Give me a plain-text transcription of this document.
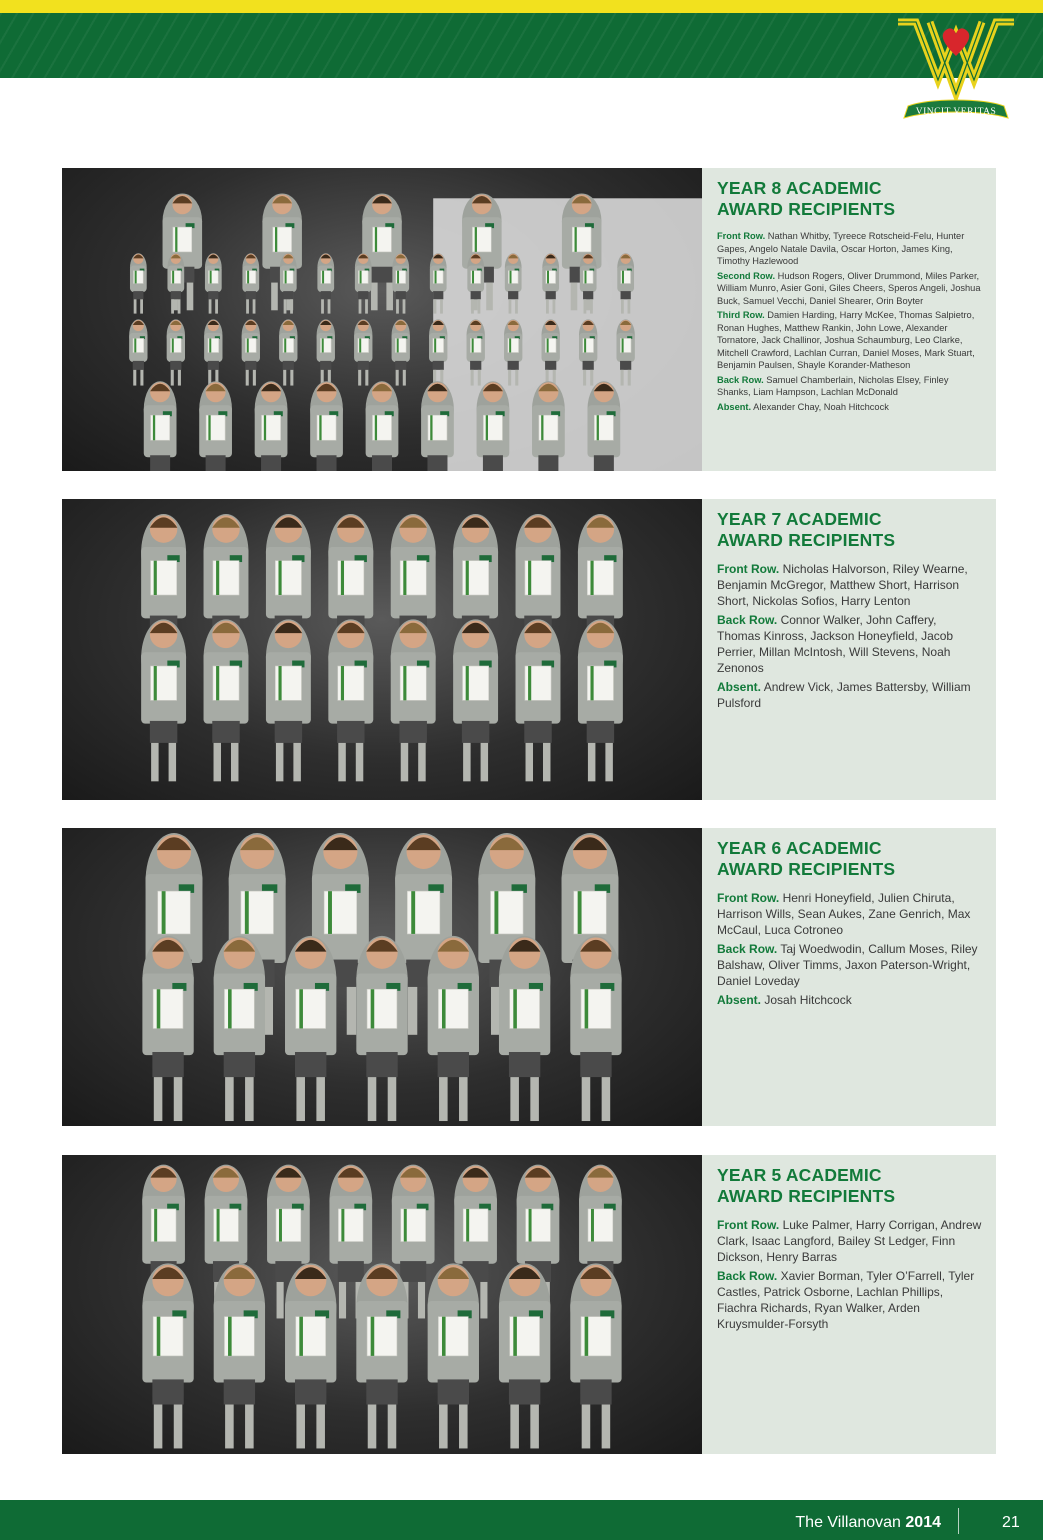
VINCIT VERITAS
YEAR 8 ACADEMIC
AWARD RECIPIENTS

Front Row. Nathan Whitby, Tyreece Rotscheid-Felu, Hunter Gapes, Angelo Natale Davila, Oscar Horton, James King, Timothy Hazlewood

Second Row. Hudson Rogers, Oliver Drummond, Miles Parker, William Munro, Asier Goni, Giles Cheers, Speros Angeli, Joshua Buck, Samuel Vecchi, Daniel Shearer, Orin Boyter

Third Row. Damien Harding, Harry McKee, Thomas Salpietro, Ronan Hughes, Matthew Rankin, John Lowe, Alexander Tornatore, Jack Challinor, Joshua Schaumburg, Leo Clarke, Mitchell Crawford, Lachlan Curran, Daniel Moses, Mark Stuart, Benjamin Paulsen, Shayle Korander-Matheson

Back Row. Samuel Chamberlain, Nicholas Elsey, Finley Shanks, Liam Hampson, Lachlan McDonald

Absent. Alexander Chay, Noah Hitchcock

YEAR 7 ACADEMIC
AWARD RECIPIENTS

Front Row. Nicholas Halvorson, Riley Wearne, Benjamin McGregor, Matthew Short, Harrison Short, Nickolas Sofios, Harry Lenton

Back Row. Connor Walker, John Caffery, Thomas Kinross, Jackson Honeyfield, Jacob Perrier, Millan McIntosh, Will Stevens, Noah Zenonos

Absent. Andrew Vick, James Battersby, William Pulsford

YEAR 6 ACADEMIC
AWARD RECIPIENTS

Front Row. Henri Honeyfield, Julien Chiruta, Harrison Wills, Sean Aukes, Zane Genrich, Max McCaul, Luca Cotroneo

Back Row. Taj Woedwodin, Callum Moses, Riley Balshaw, Oliver Timms, Jaxon Paterson-Wright, Daniel Loveday

Absent. Josah Hitchcock

YEAR 5 ACADEMIC
AWARD RECIPIENTS

Front Row. Luke Palmer, Harry Corrigan, Andrew Clark, Isaac Langford, Bailey St Ledger, Finn Dickson, Henry Barras

Back Row. Xavier Borman, Tyler O’Farrell, Tyler Castles, Patrick Osborne, Lachlan Phillips, Fiachra Richards, Ryan Walker, Arden Kruysmulder-Forsyth

The Villanovan 2014	21
